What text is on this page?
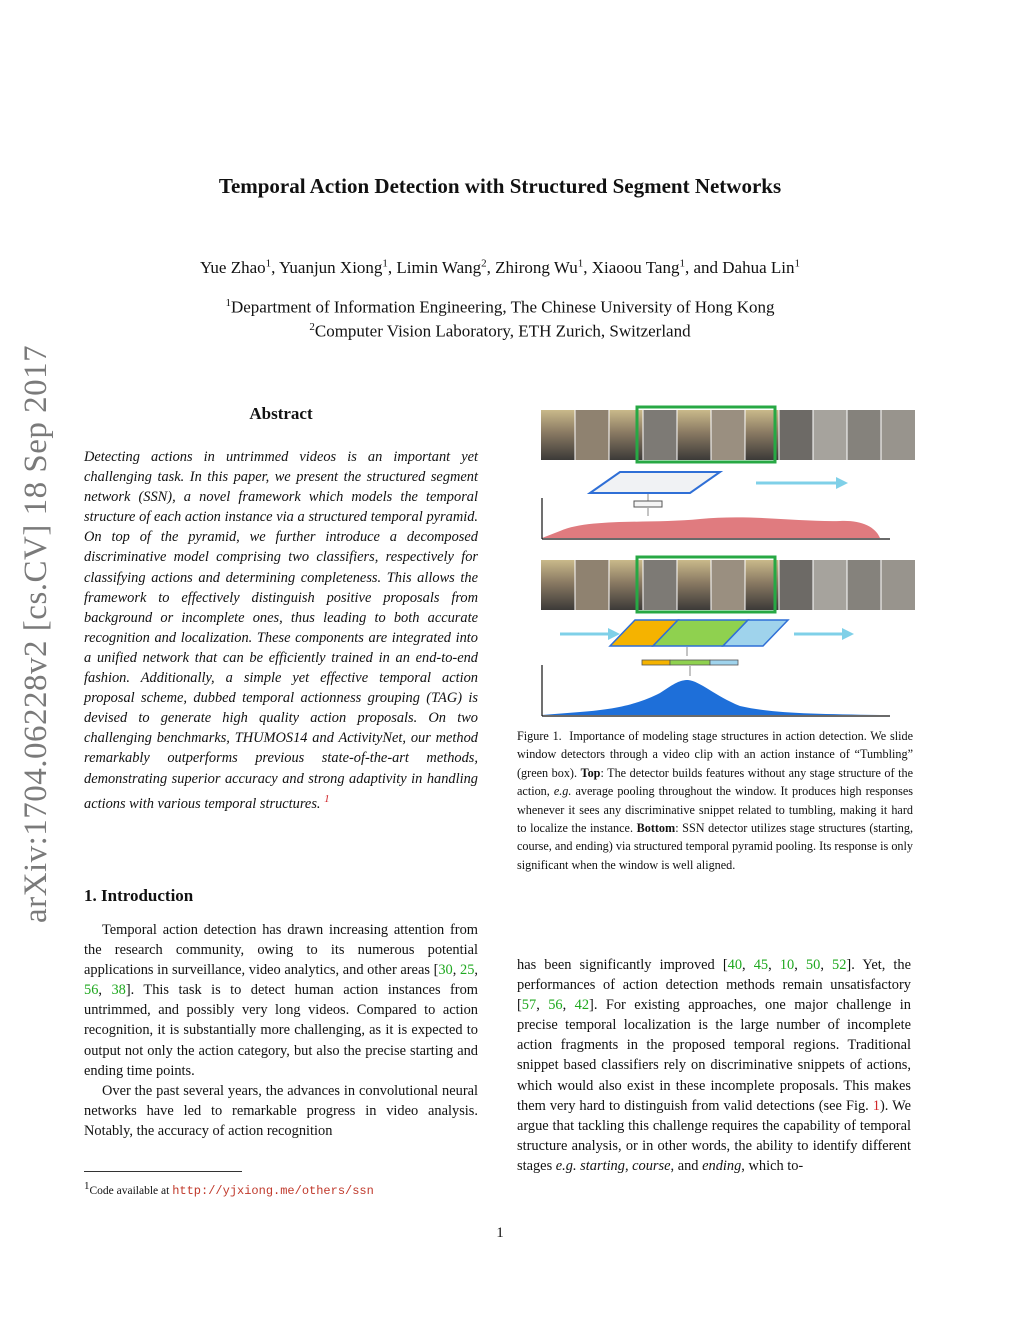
Temporal Action Detection with Structured Segment Networks
Yue Zhao$^1$, Yuanjun Xiong$^1$, Limin Wang$^2$, Zhirong Wu$^1$, Xiaoou Tang$^1$, and Dahua Lin$^1$
$^1$Department of Information Engineering, The Chinese University of Hong Kong
$^2$Computer Vision Laboratory, ETH Zurich, Switzerland
arXiv:1704.06228v2 [cs.CV] 18 Sep 2017	Abstract
Detecting actions in untrimmed videos is an important yet challenging task. In this paper, we present the structured segment network (SSN), a novel framework which models the temporal structure of each action instance via a structured temporal pyramid. On top of the pyramid, we further introduce a decomposed discriminative model comprising two classifiers, respectively for classifying actions and determining completeness. This allows the framework to effectively distinguish positive proposals from background or incomplete ones, thus leading to both accurate recognition and localization. These components are integrated into a unified network that can be efficiently trained in an end-to-end fashion. Additionally, a simple yet effective temporal action proposal scheme, dubbed temporal actionness grouping (TAG) is devised to generate high quality action proposals. On two challenging benchmarks, THUMOS14 and ActivityNet, our method remarkably outperforms previous state-of-the-art methods, demonstrating superior accuracy and strong adaptivity in handling actions with various temporal structures. $^1$
1. Introduction

Temporal action detection has drawn increasing attention from the research community, owing to its numerous potential applications in surveillance, video analytics, and other areas [30, 25, 56, 38]. This task is to detect human action instances from untrimmed, and possibly very long videos. Compared to action recognition, it is substantially more challenging, as it is expected to output not only the action category, but also the precise starting and ending time points.

Over the past several years, the advances in convolutional neural networks have led to remarkable progress in video analysis. Notably, the accuracy of action recognition

$^1$Code available at http://yjxiong.me/others/ssn

has been significantly improved [40, 45, 10, 50, 52]. Yet, the performances of action detection methods remain unsatisfactory [57, 56, 42]. For existing approaches, one major challenge in precise temporal localization is the large number of incomplete action fragments in the proposed temporal regions. Traditional snippet based classifiers rely on discriminative snippets of actions, which would also exist in these incomplete proposals. This makes them very hard to distinguish from valid detections (see Fig. 1). We argue that tackling this challenge requires the capability of temporal structure analysis, or in other words, the ability to identify different stages e.g. starting, course, and ending, which to-

Figure 1. Importance of modeling stage structures in action detection. We slide window detectors through a video clip with an action instance of “Tumbling” (green box). Top: The detector builds features without any stage structure of the action, e.g. average pooling throughout the window. It produces high responses whenever it sees any discriminative snippet related to tumbling, making it hard to localize the instance. Bottom: SSN detector utilizes stage structures (starting, course, and ending) via structured temporal pyramid pooling. Its response is only significant when the window is well aligned.
1
